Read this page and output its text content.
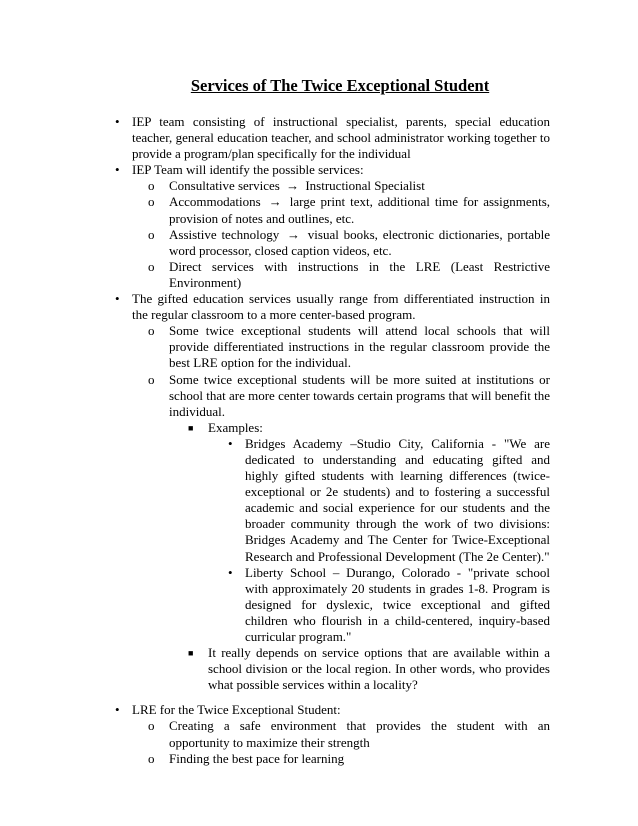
Services of The Twice Exceptional Student

• IEP team consisting of instructional specialist, parents, special education teacher, general education teacher, and school administrator working together to provide a program/plan specifically for the individual

• IEP Team will identify the possible services:

o Consultative services → Instructional Specialist

o Accommodations → large print text, additional time for assignments, provision of notes and outlines, etc.

o Assistive technology → visual books, electronic dictionaries, portable word processor, closed caption videos, etc.

o Direct services with instructions in the LRE (Least Restrictive Environment)

• The gifted education services usually range from differentiated instruction in the regular classroom to a more center-based program.

o Some twice exceptional students will attend local schools that will provide differentiated instructions in the regular classroom provide the best LRE option for the individual.

o Some twice exceptional students will be more suited at institutions or school that are more center towards certain programs that will benefit the individual.

■ Examples:

• Bridges Academy –Studio City, California - "We are dedicated to understanding and educating gifted and highly gifted students with learning differences (twice-exceptional or 2e students) and to fostering a successful academic and social experience for our students and the broader community through the work of two divisions: Bridges Academy and The Center for Twice-Exceptional Research and Professional Development (The 2e Center)."

• Liberty School – Durango, Colorado - "private school with approximately 20 students in grades 1-8. Program is designed for dyslexic, twice exceptional and gifted children who flourish in a child-centered, inquiry-based curricular program."

■ It really depends on service options that are available within a school division or the local region. In other words, who provides what possible services within a locality?

• LRE for the Twice Exceptional Student:

o Creating a safe environment that provides the student with an opportunity to maximize their strength

o Finding the best pace for learning
